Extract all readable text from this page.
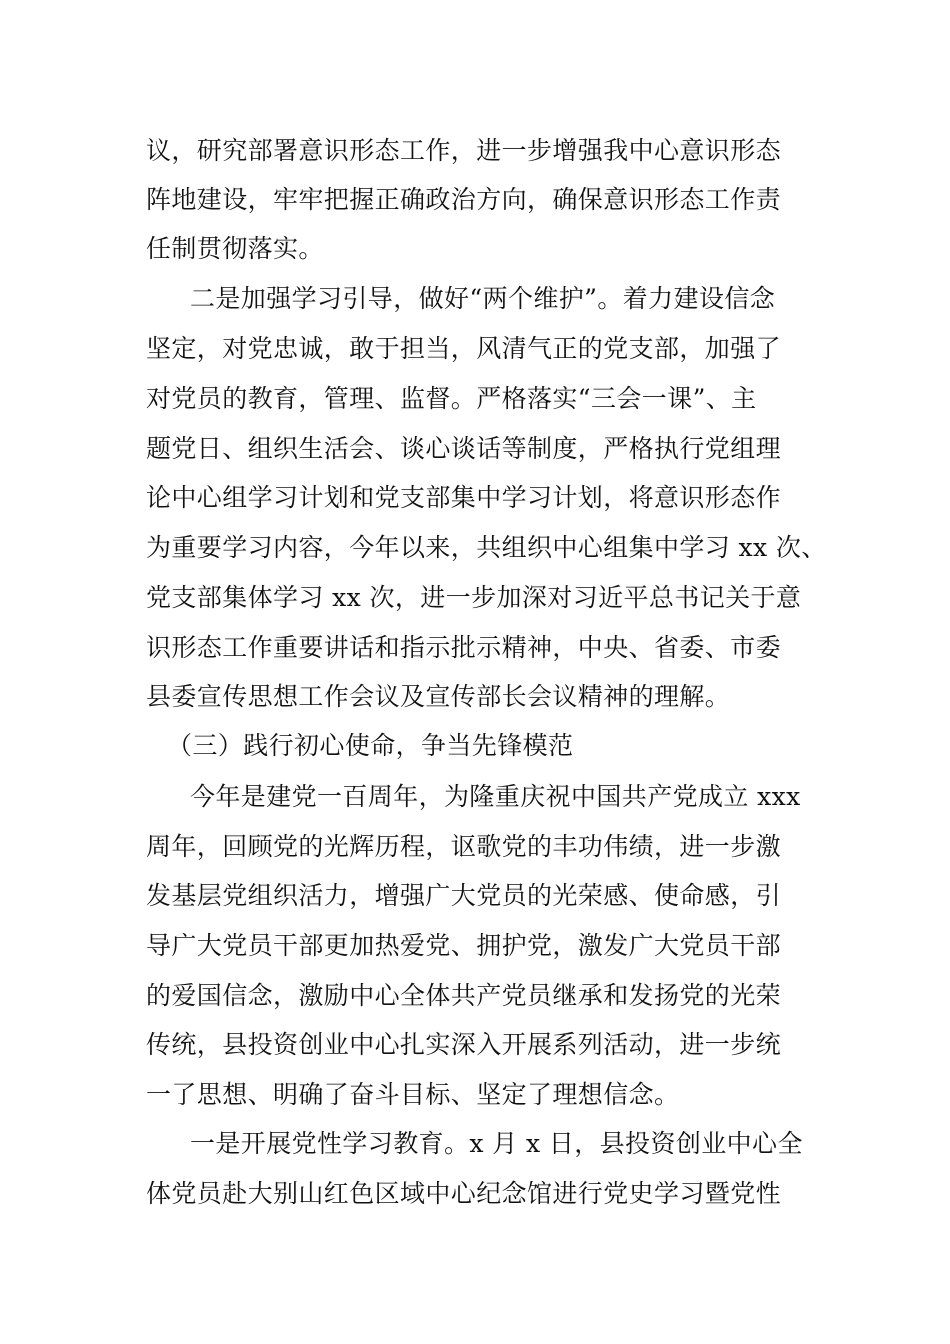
议，研究部署意识形态工作，进一步增强我中心意识形态
阵地建设，牢牢把握正确政治方向，确保意识形态工作责
任制贯彻落实。
二是加强学习引导，做好“两个维护”。着力建设信念
坚定，对党忠诚，敢于担当，风清气正的党支部，加强了
对党员的教育，管理、监督。严格落实“三会一课”、主
题党日、组织生活会、谈心谈话等制度，严格执行党组理
论中心组学习计划和党支部集中学习计划，将意识形态作
为重要学习内容，今年以来，共组织中心组集中学习 xx 次、
党支部集体学习 xx 次，进一步加深对习近平总书记关于意
识形态工作重要讲话和指示批示精神，中央、省委、市委
县委宣传思想工作会议及宣传部长会议精神的理解。
（三）践行初心使命，争当先锋模范
今年是建党一百周年，为隆重庆祝中国共产党成立 xxx
周年，回顾党的光辉历程，讴歌党的丰功伟绩，进一步激
发基层党组织活力，增强广大党员的光荣感、使命感，引
导广大党员干部更加热爱党、拥护党，激发广大党员干部
的爱国信念，激励中心全体共产党员继承和发扬党的光荣
传统，县投资创业中心扎实深入开展系列活动，进一步统
一了思想、明确了奋斗目标、坚定了理想信念。
一是开展党性学习教育。x 月 x 日，县投资创业中心全
体党员赴大别山红色区域中心纪念馆进行党史学习暨党性
